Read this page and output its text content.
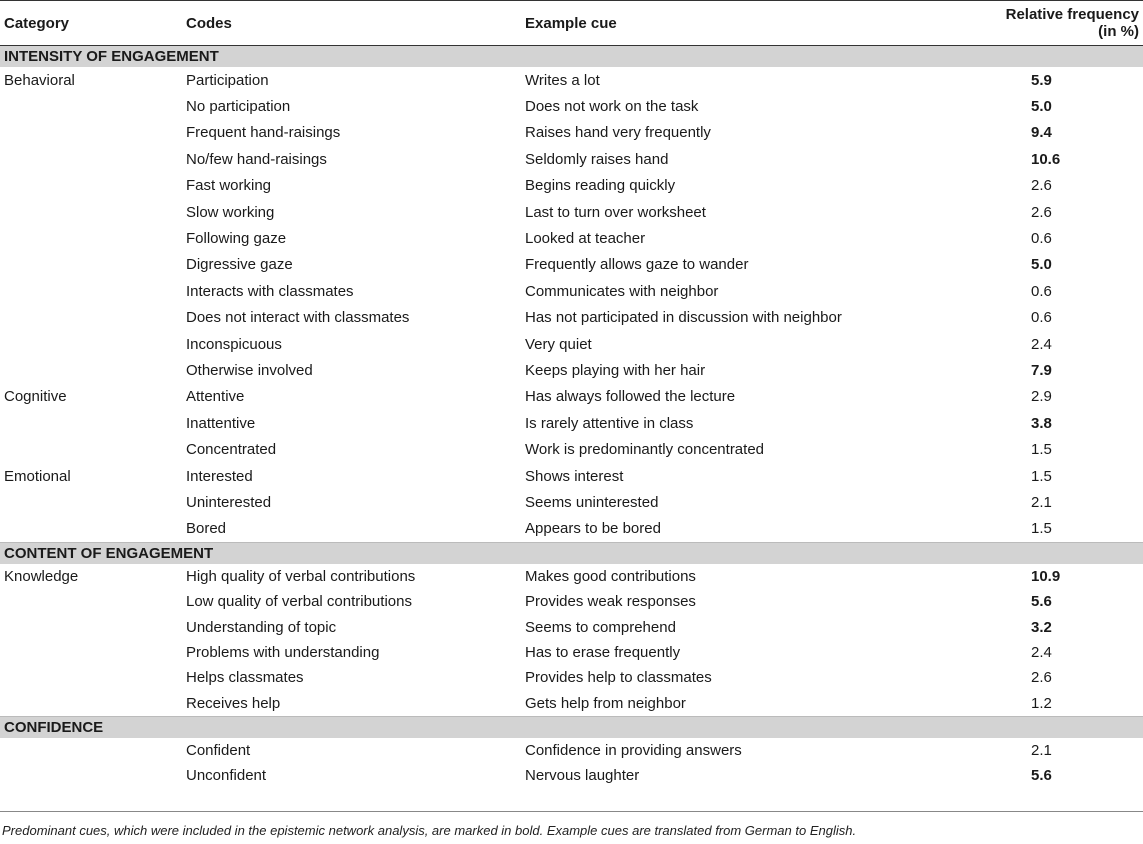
Category	Codes	Example cue	Relative frequency (in %)
INTENSITY OF ENGAGEMENT			
Behavioral	Participation	Writes a lot	5.9
	No participation	Does not work on the task	5.0
	Frequent hand-raisings	Raises hand very frequently	9.4
	No/few hand-raisings	Seldomly raises hand	10.6
	Fast working	Begins reading quickly	2.6
	Slow working	Last to turn over worksheet	2.6
	Following gaze	Looked at teacher	0.6
	Digressive gaze	Frequently allows gaze to wander	5.0
	Interacts with classmates	Communicates with neighbor	0.6
	Does not interact with classmates	Has not participated in discussion with neighbor	0.6
	Inconspicuous	Very quiet	2.4
	Otherwise involved	Keeps playing with her hair	7.9
Cognitive	Attentive	Has always followed the lecture	2.9
	Inattentive	Is rarely attentive in class	3.8
	Concentrated	Work is predominantly concentrated	1.5
Emotional	Interested	Shows interest	1.5
	Uninterested	Seems uninterested	2.1
	Bored	Appears to be bored	1.5
CONTENT OF ENGAGEMENT			
Knowledge	High quality of verbal contributions	Makes good contributions	10.9
	Low quality of verbal contributions	Provides weak responses	5.6
	Understanding of topic	Seems to comprehend	3.2
	Problems with understanding	Has to erase frequently	2.4
	Helps classmates	Provides help to classmates	2.6
	Receives help	Gets help from neighbor	1.2
CONFIDENCE			
	Confident	Confidence in providing answers	2.1
	Unconfident	Nervous laughter	5.6
Predominant cues, which were included in the epistemic network analysis, are marked in bold. Example cues are translated from German to English.
